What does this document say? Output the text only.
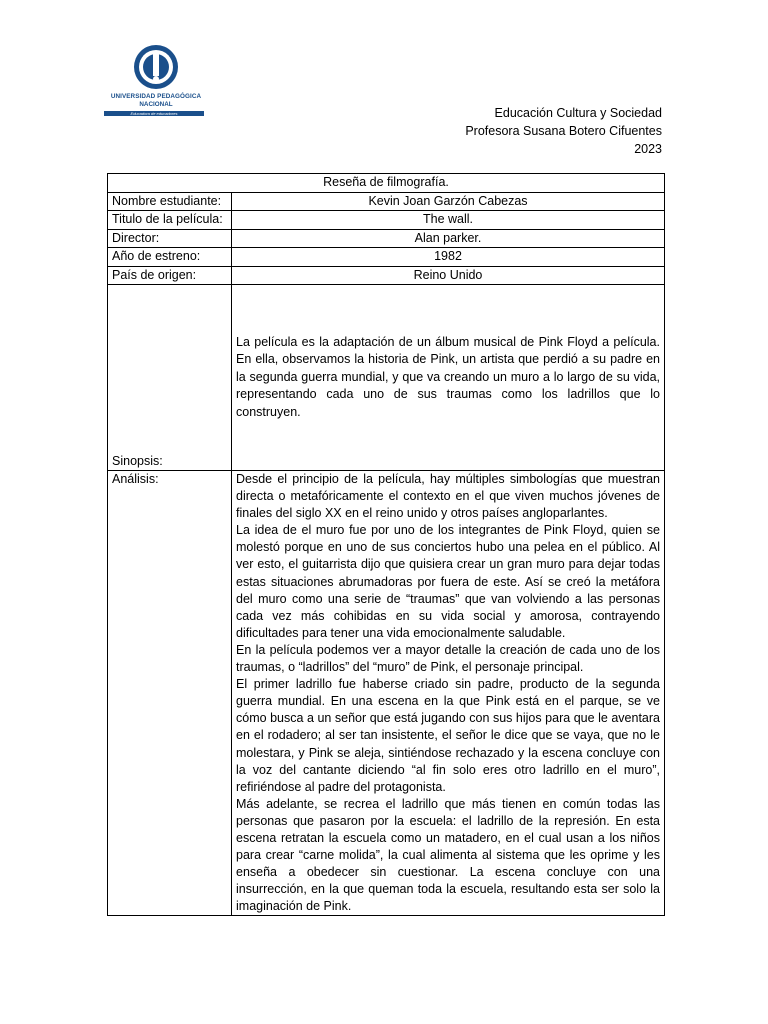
UNIVERSIDAD PEDAGÓGICA
NACIONAL
Educadora de educadores	Educación Cultura y Sociedad
Profesora Susana Botero Cifuentes
2023
Reseña de filmografía.	
Nombre estudiante:	Kevin Joan Garzón Cabezas
Titulo de la película:	The wall.
Director:	Alan parker.
Año de estreno:	1982
País de origen:	Reino Unido
Sinopsis:	La película es la adaptación de un álbum musical de Pink Floyd a película. En ella, observamos la historia de Pink, un artista que perdió a su padre en la segunda guerra mundial, y que va creando un muro a lo largo de su vida, representando cada uno de sus traumas como los ladrillos que lo construyen.
Análisis:	Desde el principio de la película, hay múltiples simbologías que muestran directa o metafóricamente el contexto en el que viven muchos jóvenes de finales del siglo XX en el reino unido y otros países angloparlantes.

La idea de el muro fue por uno de los integrantes de Pink Floyd, quien se molestó porque en uno de sus conciertos hubo una pelea en el público. Al ver esto, el guitarrista dijo que quisiera crear un gran muro para dejar todas estas situaciones abrumadoras por fuera de este. Así se creó la metáfora del muro como una serie de “traumas” que van volviendo a las personas cada vez más cohibidas en su vida social y amorosa, contrayendo dificultades para tener una vida emocionalmente saludable.

En la película podemos ver a mayor detalle la creación de cada uno de los traumas, o “ladrillos” del “muro” de Pink, el personaje principal.

El primer ladrillo fue haberse criado sin padre, producto de la segunda guerra mundial. En una escena en la que Pink está en el parque, se ve cómo busca a un señor que está jugando con sus hijos para que le aventara en el rodadero; al ser tan insistente, el señor le dice que se vaya, que no le molestara, y Pink se aleja, sintiéndose rechazado y la escena concluye con la voz del cantante diciendo “al fin solo eres otro ladrillo en el muro”, refiriéndose al padre del protagonista.

Más adelante, se recrea el ladrillo que más tienen en común todas las personas que pasaron por la escuela: el ladrillo de la represión. En esta escena retratan la escuela como un matadero, en el cual usan a los niños para crear “carne molida”, la cual alimenta al sistema que les oprime y les enseña a obedecer sin cuestionar. La escena concluye con una insurrección, en la que queman toda la escuela, resultando esta ser solo la imaginación de Pink.
